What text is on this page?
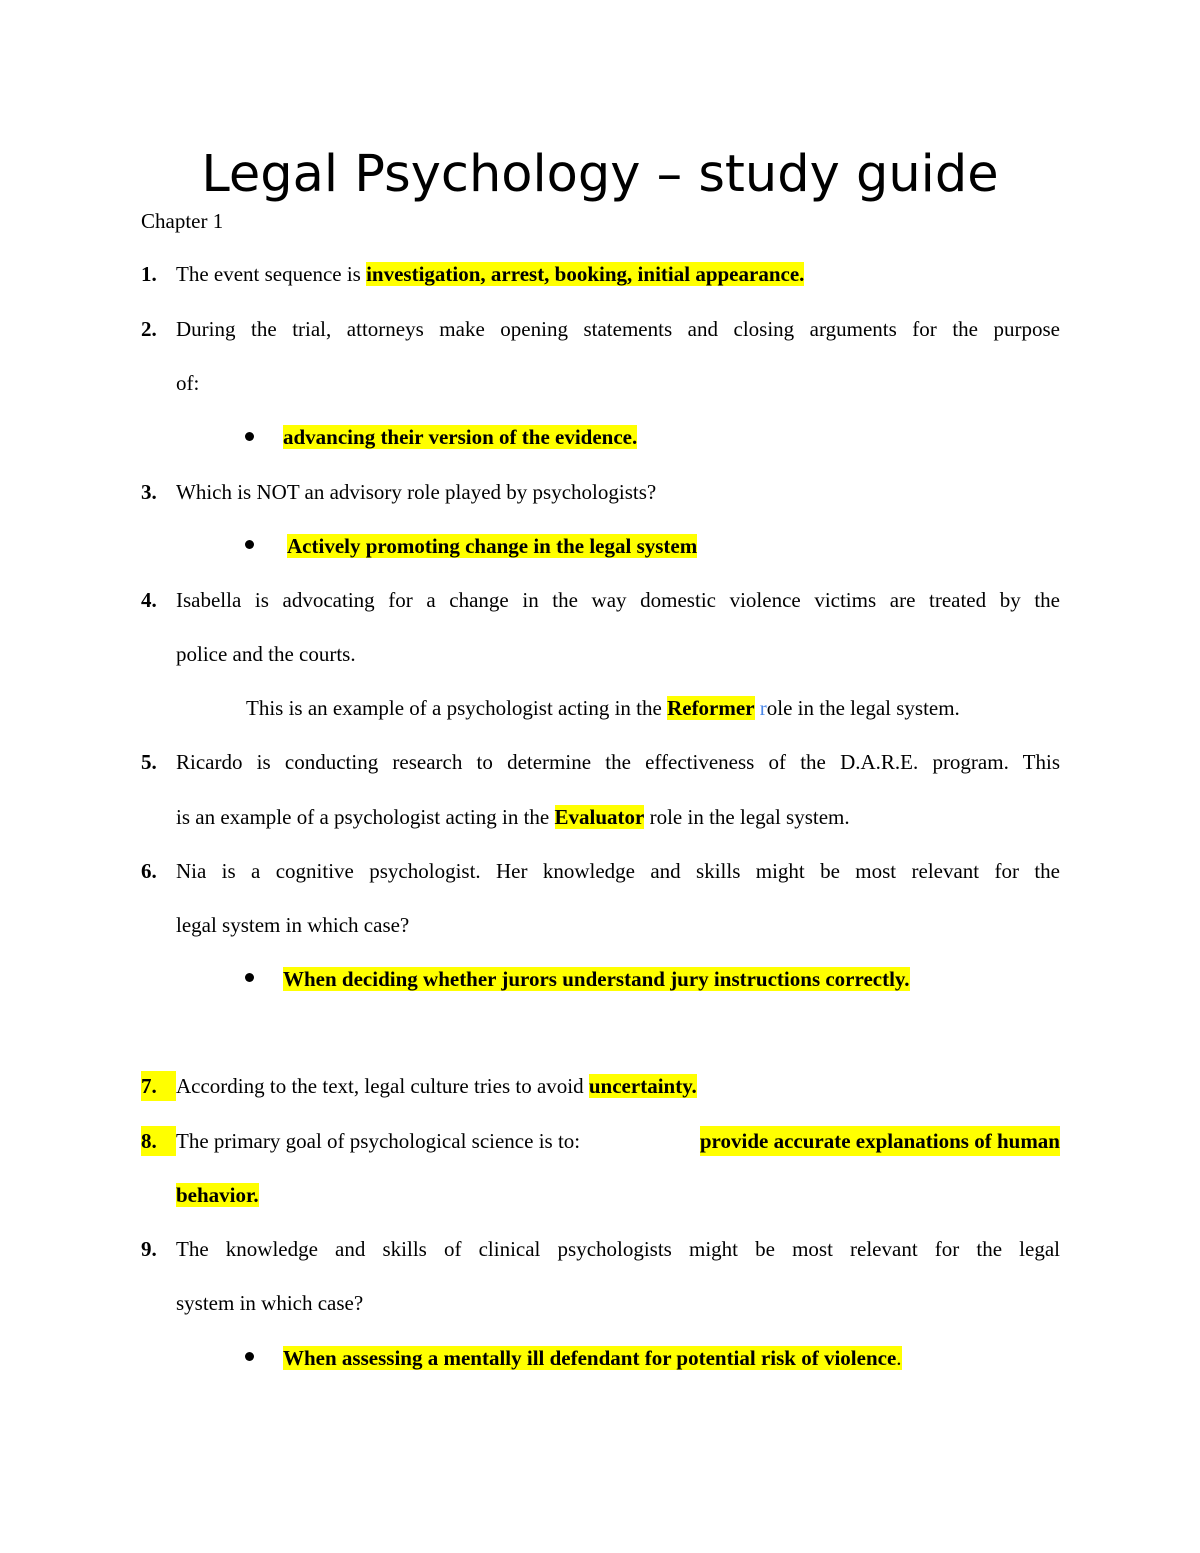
Legal Psychology – study guide
Chapter 1
1. The event sequence is investigation, arrest, booking, initial appearance.
2. During the trial, attorneys make opening statements and closing arguments for the purpose
of:
advancing their version of the evidence.
3. Which is NOT an advisory role played by psychologists?
Actively promoting change in the legal system
4. Isabella is advocating for a change in the way domestic violence victims are treated by the
police and the courts.
This is an example of a psychologist acting in the Reformer role in the legal system.
5. Ricardo is conducting research to determine the effectiveness of the D.A.R.E. program. This
is an example of a psychologist acting in the Evaluator role in the legal system.
6. Nia is a cognitive psychologist. Her knowledge and skills might be most relevant for the
legal system in which case?
When deciding whether jurors understand jury instructions correctly.
7. According to the text, legal culture tries to avoid uncertainty.
8. The primary goal of psychological science is to:	provide accurate explanations of human
behavior.
9. The knowledge and skills of clinical psychologists might be most relevant for the legal
system in which case?
When assessing a mentally ill defendant for potential risk of violence.
